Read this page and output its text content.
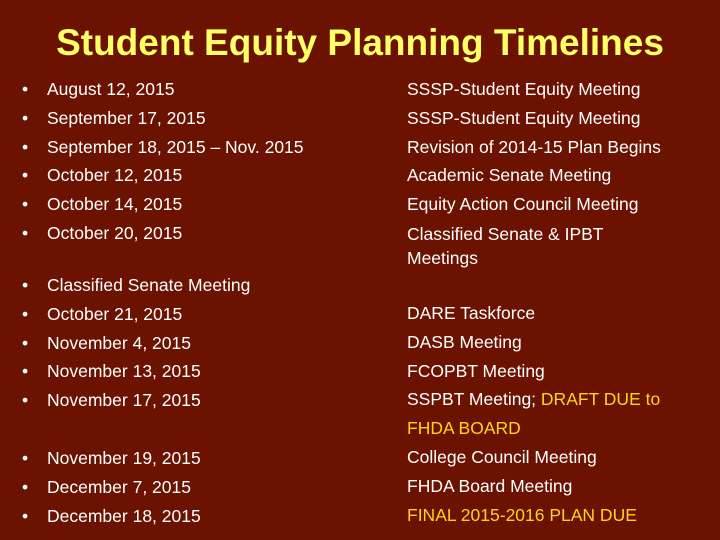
Student Equity Planning Timelines
• August 12, 2015
• September 17, 2015
• September 18, 2015 – Nov. 2015
• October 12, 2015
• October 14, 2015
• October 20, 2015
• Classified Senate Meeting
• October 21, 2015
• November 4, 2015
• November 13, 2015
• November 17, 2015
• November 19, 2015
• December 7, 2015
• December 18, 2015
SSSP-Student Equity Meeting
SSSP-Student Equity Meeting
Revision of 2014-15 Plan Begins
Academic Senate Meeting
Equity Action Council Meeting
Classified Senate & IPBT Meetings
DARE Taskforce
DASB Meeting
FCOPBT Meeting
SSPBT Meeting; DRAFT DUE to
FHDA BOARD
College Council Meeting
FHDA Board Meeting
FINAL 2015-2016 PLAN DUE
